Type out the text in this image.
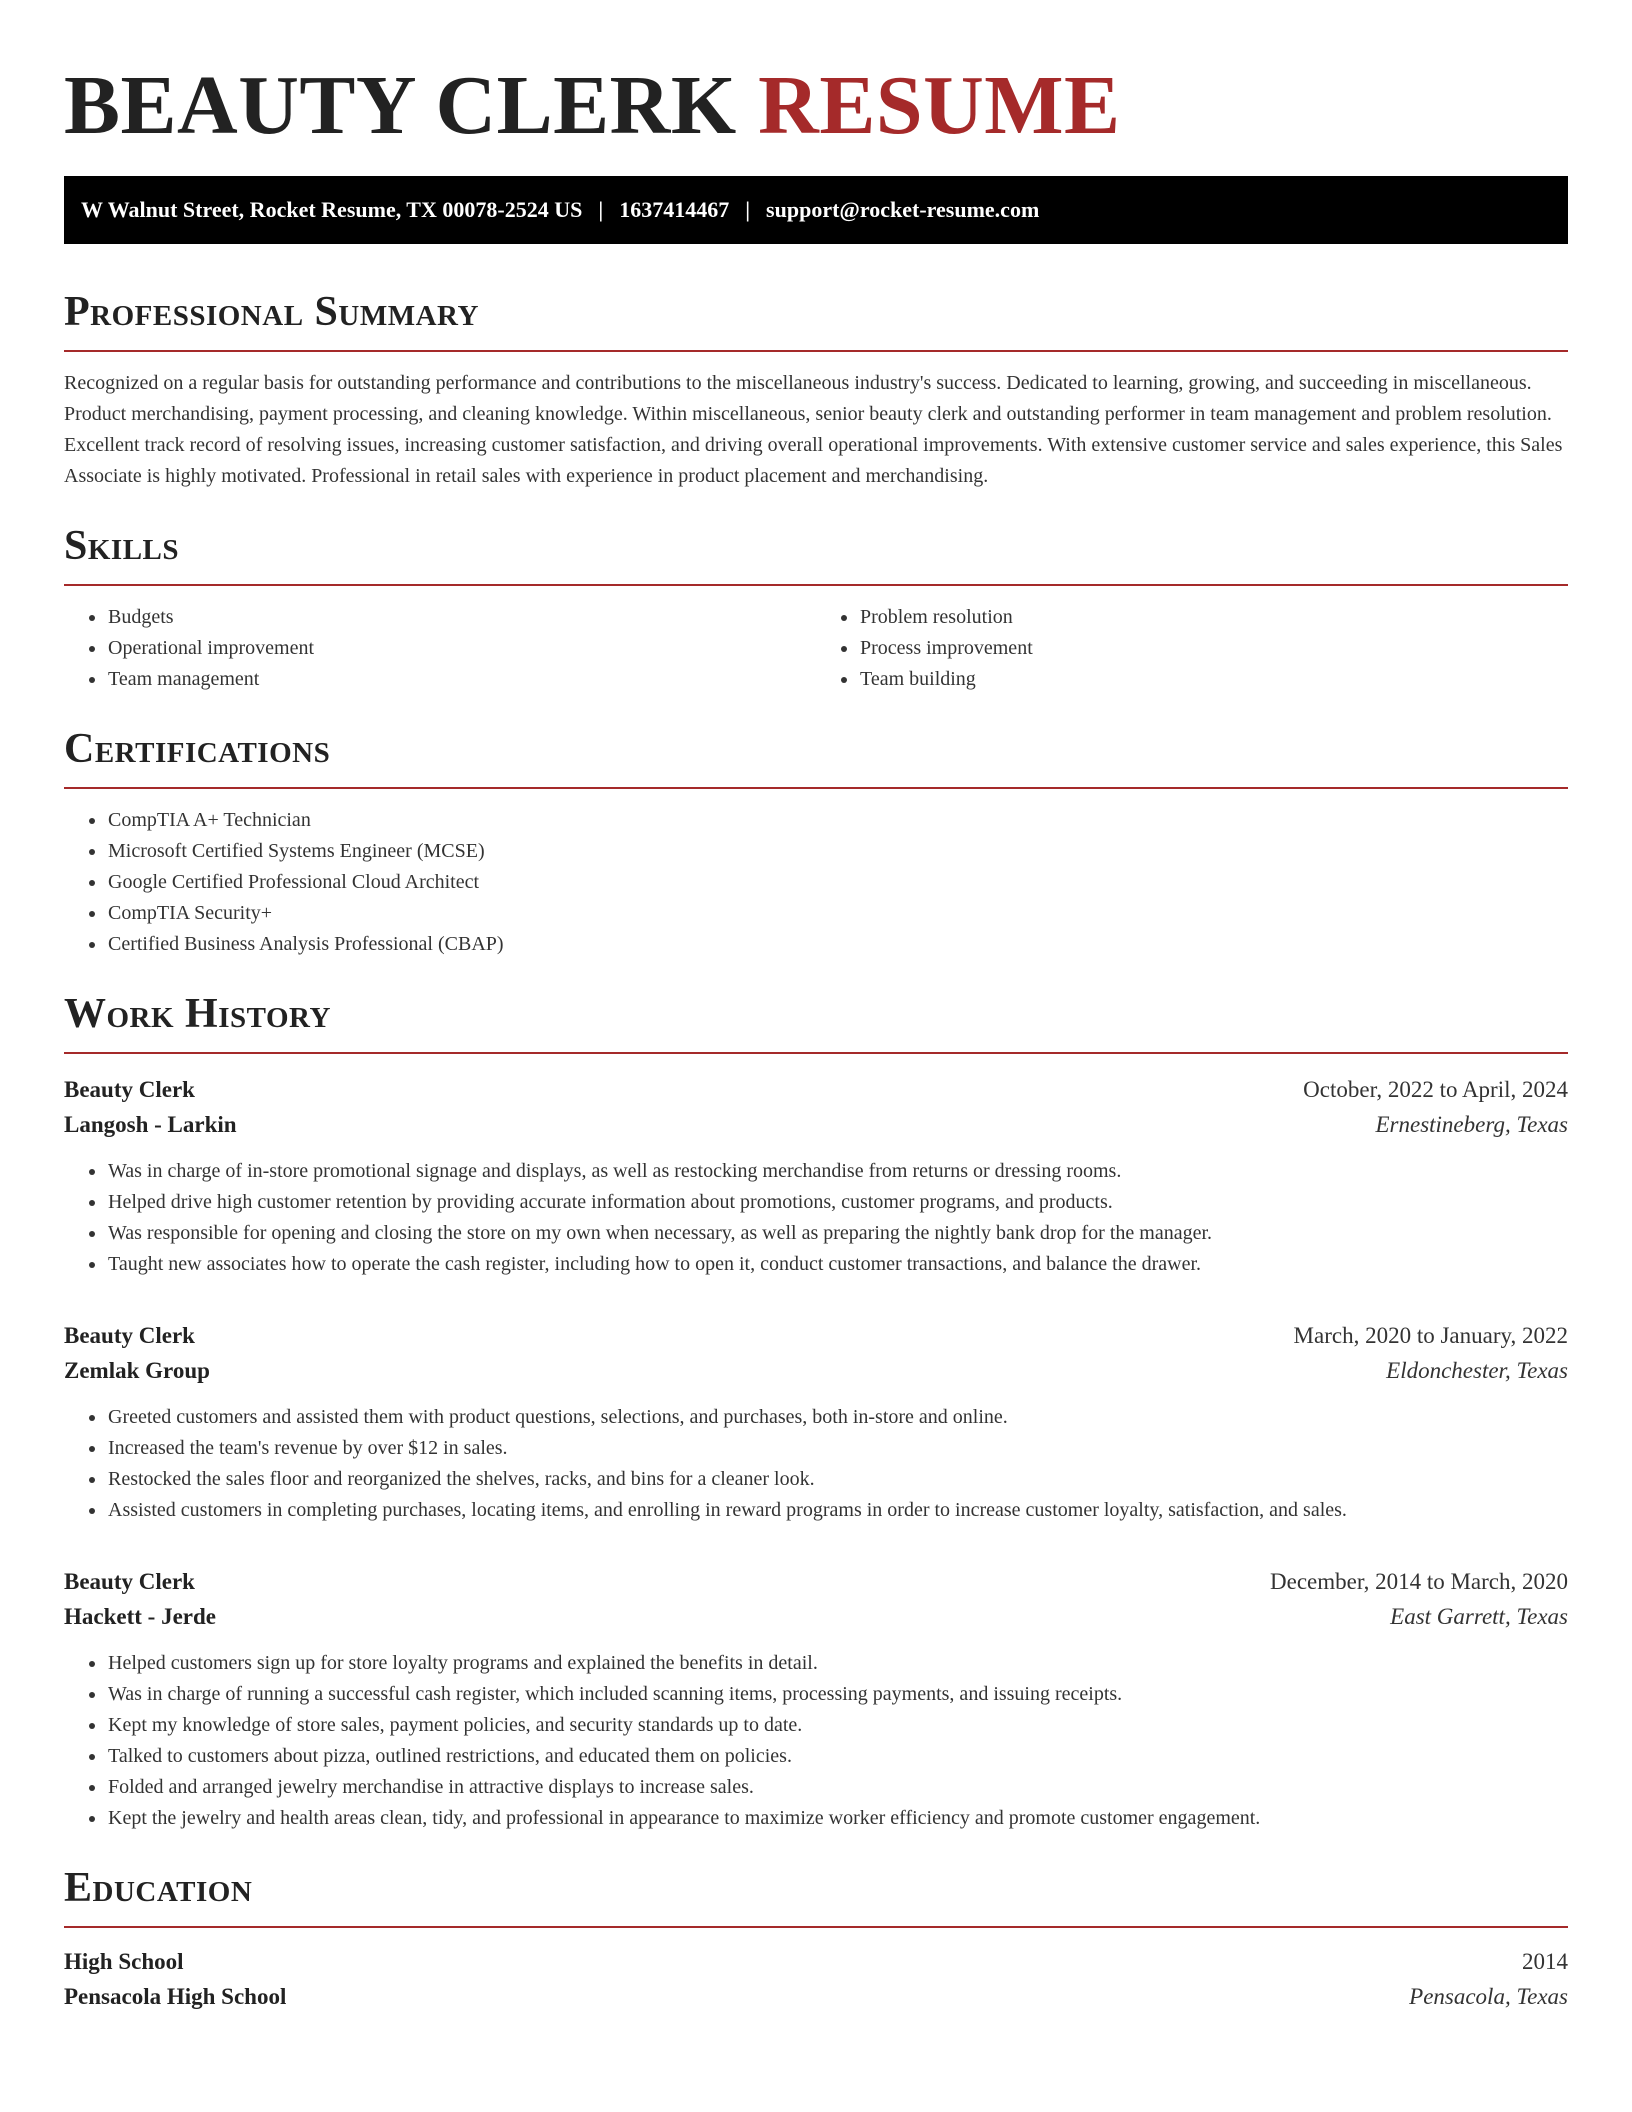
BEAUTY CLERK RESUME
W Walnut Street, Rocket Resume, TX 00078-2524 US | 1637414467 | support@rocket-resume.com
Professional Summary

Recognized on a regular basis for outstanding performance and contributions to the miscellaneous industry's success. Dedicated to learning, growing, and succeeding in miscellaneous. Product merchandising, payment processing, and cleaning knowledge. Within miscellaneous, senior beauty clerk and outstanding performer in team management and problem resolution. Excellent track record of resolving issues, increasing customer satisfaction, and driving overall operational improvements. With extensive customer service and sales experience, this Sales Associate is highly motivated. Professional in retail sales with experience in product placement and merchandising.

Skills
• Budgets
• Operational improvement
• Team management
• Problem resolution
• Process improvement
• Team building
Certifications
• CompTIA A+ Technician
• Microsoft Certified Systems Engineer (MCSE)
• Google Certified Professional Cloud Architect
• CompTIA Security+
• Certified Business Analysis Professional (CBAP)
Work History
Beauty Clerk	October, 2022 to April, 2024
Langosh - Larkin	Ernestineberg, Texas
• Was in charge of in-store promotional signage and displays, as well as restocking merchandise from returns or dressing rooms.
• Helped drive high customer retention by providing accurate information about promotions, customer programs, and products.
• Was responsible for opening and closing the store on my own when necessary, as well as preparing the nightly bank drop for the manager.
• Taught new associates how to operate the cash register, including how to open it, conduct customer transactions, and balance the drawer.
Beauty Clerk	March, 2020 to January, 2022
Zemlak Group	Eldonchester, Texas
• Greeted customers and assisted them with product questions, selections, and purchases, both in-store and online.
• Increased the team's revenue by over $12 in sales.
• Restocked the sales floor and reorganized the shelves, racks, and bins for a cleaner look.
• Assisted customers in completing purchases, locating items, and enrolling in reward programs in order to increase customer loyalty, satisfaction, and sales.
Beauty Clerk	December, 2014 to March, 2020
Hackett - Jerde	East Garrett, Texas
• Helped customers sign up for store loyalty programs and explained the benefits in detail.
• Was in charge of running a successful cash register, which included scanning items, processing payments, and issuing receipts.
• Kept my knowledge of store sales, payment policies, and security standards up to date.
• Talked to customers about pizza, outlined restrictions, and educated them on policies.
• Folded and arranged jewelry merchandise in attractive displays to increase sales.
• Kept the jewelry and health areas clean, tidy, and professional in appearance to maximize worker efficiency and promote customer engagement.
Education
High School	2014
Pensacola High School	Pensacola, Texas
